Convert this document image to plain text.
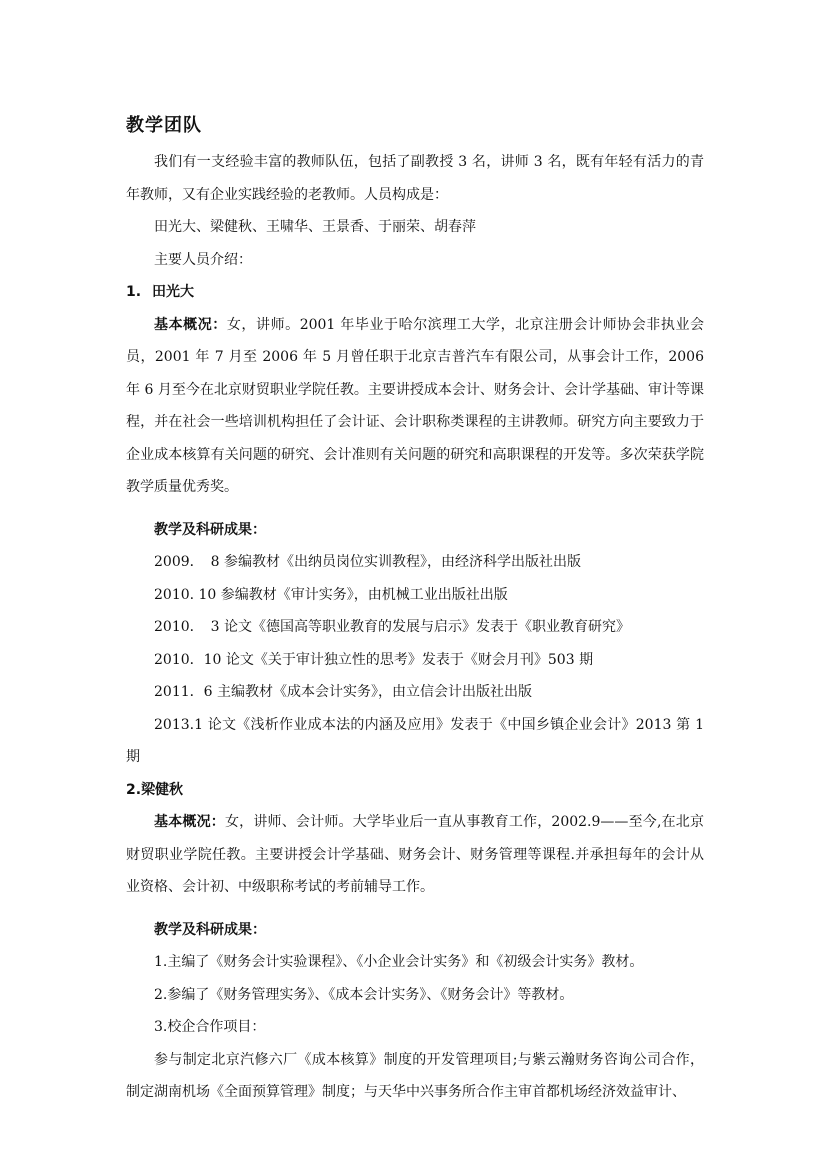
教学团队

我们有一支经验丰富的教师队伍，包括了副教授 3 名，讲师 3 名，既有年轻有活力的青年教师，又有企业实践经验的老教师。人员构成是：

田光大、梁健秋、王啸华、王景香、于丽荣、胡春萍

主要人员介绍：

1. 田光大

基本概况：女，讲师。2001 年毕业于哈尔滨理工大学，北京注册会计师协会非执业会员，2001 年 7 月至 2006 年 5 月曾任职于北京吉普汽车有限公司，从事会计工作，2006 年 6 月至今在北京财贸职业学院任教。主要讲授成本会计、财务会计、会计学基础、审计等课程，并在社会一些培训机构担任了会计证、会计职称类课程的主讲教师。研究方向主要致力于企业成本核算有关问题的研究、会计准则有关问题的研究和高职课程的开发等。多次荣获学院教学质量优秀奖。

教学及科研成果：

2009．　8 参编教材《出纳员岗位实训教程》，由经济科学出版社出版
2010. 10 参编教材《审计实务》，由机械工业出版社出版
2010．　3 论文《德国高等职业教育的发展与启示》发表于《职业教育研究》
2010．10 论文《关于审计独立性的思考》发表于《财会月刊》503 期
2011．6 主编教材《成本会计实务》，由立信会计出版社出版
2013.1 论文《浅析作业成本法的内涵及应用》发表于《中国乡镇企业会计》2013 第 1 期

2.梁健秋

基本概况：女，讲师、会计师。大学毕业后一直从事教育工作，2002.9——至今,在北京财贸职业学院任教。主要讲授会计学基础、财务会计、财务管理等课程.并承担每年的会计从业资格、会计初、中级职称考试的考前辅导工作。

教学及科研成果：

1.主编了《财务会计实验课程》、《小企业会计实务》和《初级会计实务》教材。
2.参编了《财务管理实务》、《成本会计实务》、《财务会计》等教材。
3.校企合作项目：
参与制定北京汽修六厂《成本核算》制度的开发管理项目;与紫云瀚财务咨询公司合作，制定湖南机场《全面预算管理》制度；与天华中兴事务所合作主审首都机场经济效益审计、
